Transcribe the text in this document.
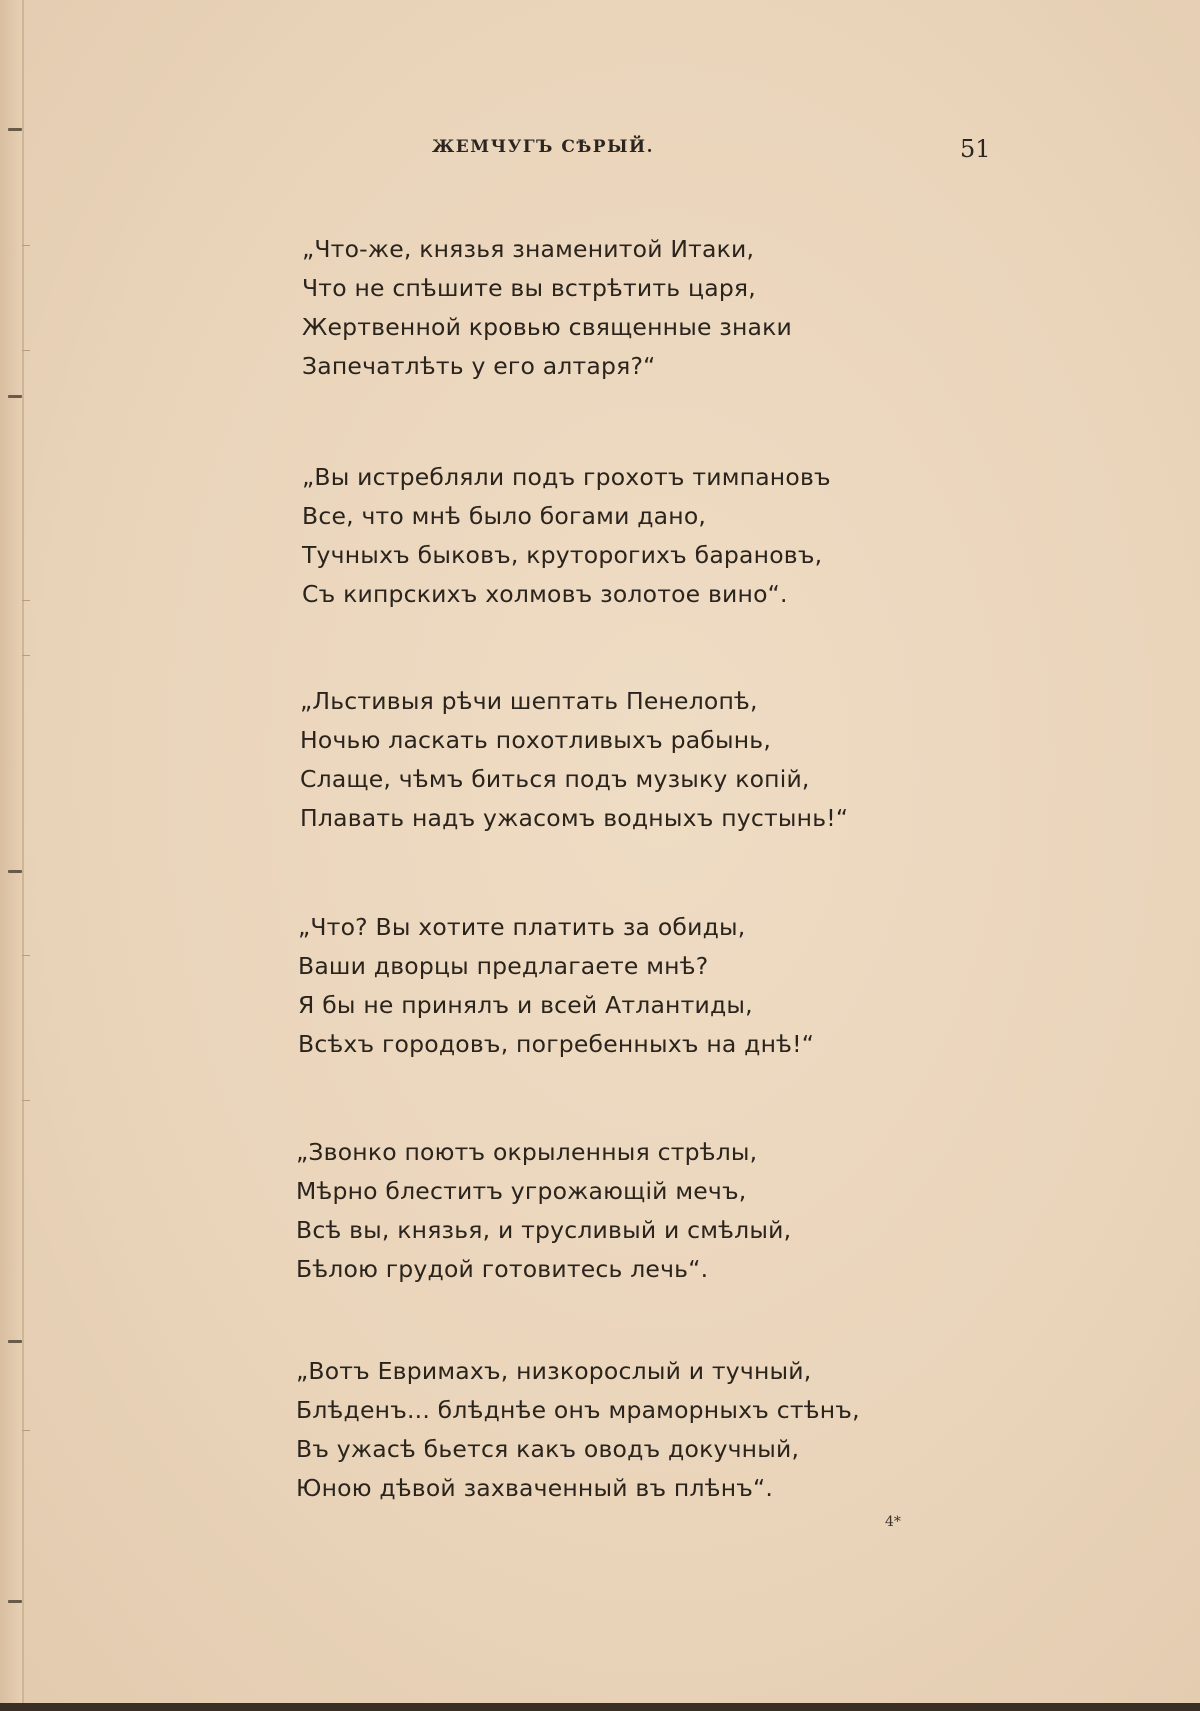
ЖЕМЧУГЪ СѢРЫЙ.	51
„Что-же, князья знаменитой Итаки,
Что не спѣшите вы встрѣтить царя,
Жертвенной кровью священные знаки
Запечатлѣть у его алтаря?“
„Вы истребляли подъ грохотъ тимпановъ
Все, что мнѣ было богами дано,
Тучныхъ быковъ, круторогихъ барановъ,
Съ кипрскихъ холмовъ золотое вино“.
„Льстивыя рѣчи шептать Пенелопѣ,
Ночью ласкать похотливыхъ рабынь,
Слаще, чѣмъ биться подъ музыку копій,
Плавать надъ ужасомъ водныхъ пустынь!“
„Что? Вы хотите платить за обиды,
Ваши дворцы предлагаете мнѣ?
Я бы не принялъ и всей Атлантиды,
Всѣхъ городовъ, погребенныхъ на днѣ!“
„Звонко поютъ окрыленныя стрѣлы,
Мѣрно блеститъ угрожающій мечъ,
Всѣ вы, князья, и трусливый и смѣлый,
Бѣлою грудой готовитесь лечь“.
„Вотъ Евримахъ, низкорослый и тучный,
Блѣденъ... блѣднѣе онъ мраморныхъ стѣнъ,
Въ ужасѣ бьется какъ оводъ докучный,
Юною дѣвой захваченный въ плѣнъ“.
4*
